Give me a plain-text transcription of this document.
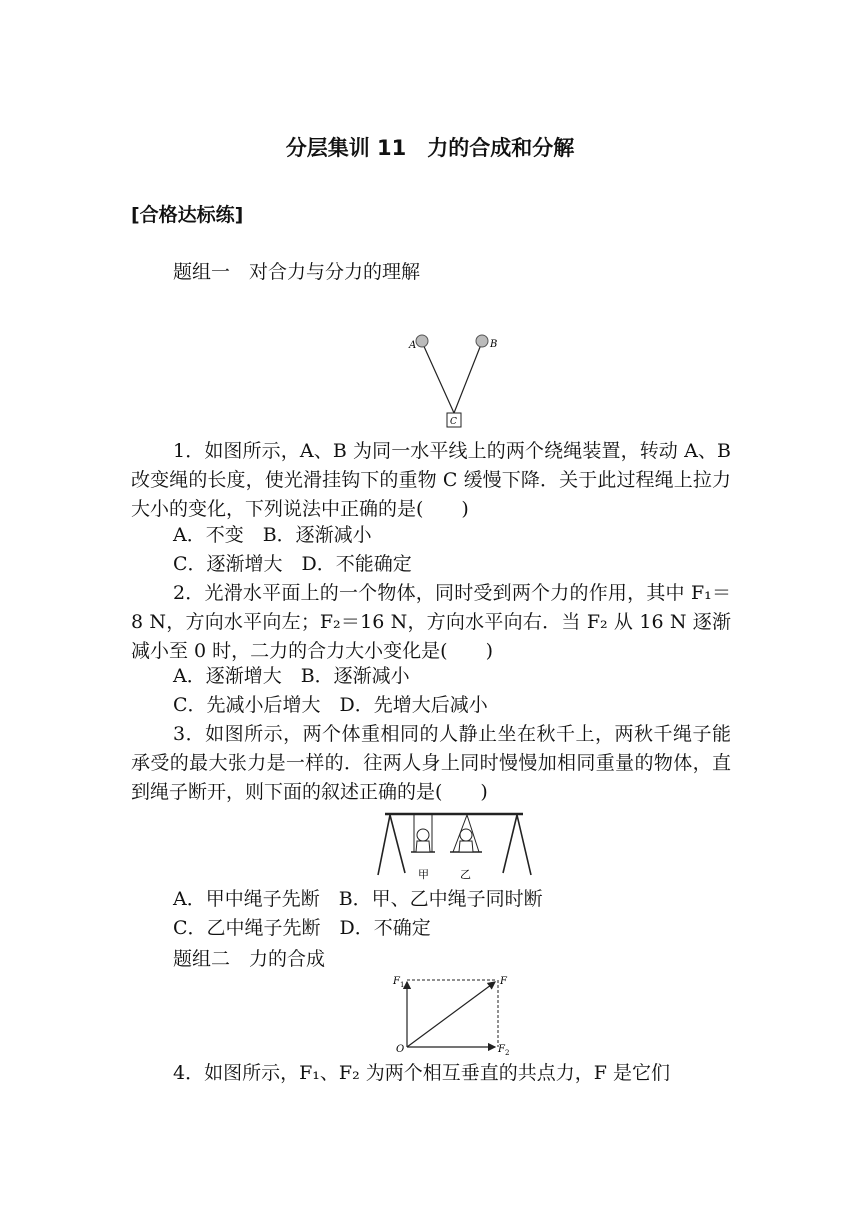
分层集训 11　力的合成和分解
[合格达标练]
题组一　对合力与分力的理解
A	B
C
1．如图所示，A、B 为同一水平线上的两个绕绳装置，转动 A、B 改变绳的长度，使光滑挂钩下的重物 C 缓慢下降．关于此过程绳上拉力大小的变化，下列说法中正确的是(　　)
A．不变　B．逐渐减小
C．逐渐增大　D．不能确定
2．光滑水平面上的一个物体，同时受到两个力的作用，其中 F₁＝8 N，方向水平向左；F₂＝16 N，方向水平向右．当 F₂ 从 16 N 逐渐减小至 0 时，二力的合力大小变化是(　　)
A．逐渐增大　B．逐渐减小
C．先减小后增大　D．先增大后减小
3．如图所示，两个体重相同的人静止坐在秋千上，两秋千绳子能承受的最大张力是一样的．往两人身上同时慢慢加相同重量的物体，直到绳子断开，则下面的叙述正确的是(　　)
甲	乙
A．甲中绳子先断　B．甲、乙中绳子同时断
C．乙中绳子先断　D．不确定
题组二　力的合成
$F_1$	F
O	$F_2$
4．如图所示，F₁、F₂ 为两个相互垂直的共点力，F 是它们
